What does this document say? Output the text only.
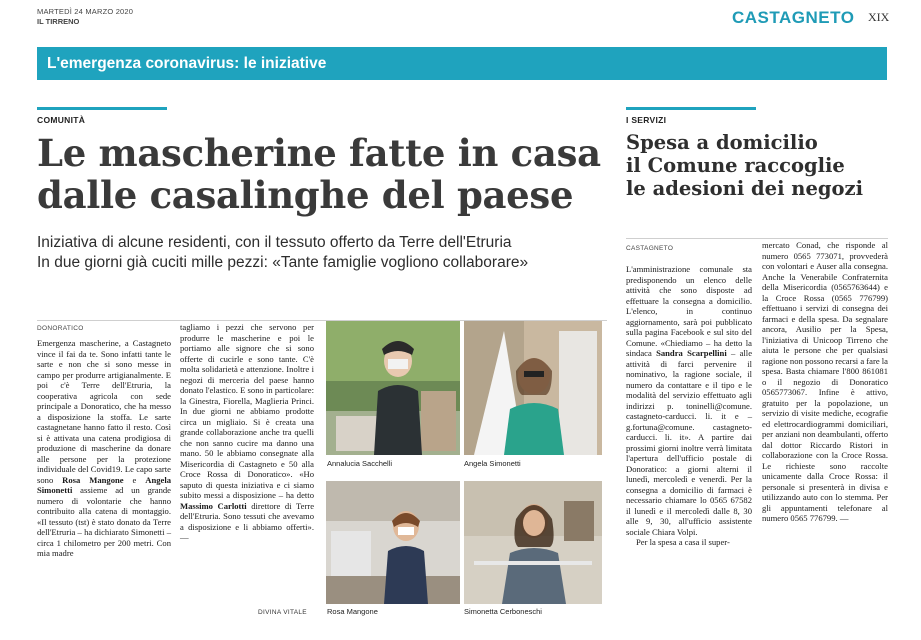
MARTEDÌ 24 MARZO 2020
IL TIRRENO	CASTAGNETO XIX
L'emergenza coronavirus: le iniziative
COMUNITÀ
Le mascherine fatte in casa
dalle casalinghe del paese
Iniziativa di alcune residenti, con il tessuto offerto da Terre dell'Etruria
In due giorni già cuciti mille pezzi: «Tante famiglie vogliono collaborare»
DONORATICO
Emergenza mascherine, a Castagneto vince il fai da te. Sono infatti tante le sarte e non che si sono messe in campo per produrre artigianalmente. E poi c'è Terre dell'Etruria, la cooperativa agricola con sede principale a Donoratico, che ha messo a disposizione la stoffa. Le sarte castagnetane hanno fatto il resto. Così si è attivata una catena prodigiosa di produzione di mascherine da donare alle persone per la protezione individuale del Covid19. Le capo sarte sono Rosa Mangone e Angela Simonetti assieme ad un grande numero di volontarie che hanno contribuito alla catena di montaggio. «Il tessuto (tst) è stato donato da Terre dell'Etruria – ha dichiarato Simonetti – circa 1 chilometro per 200 metri. Con mia madre
tagliamo i pezzi che servono per produrre le mascherine e poi le portiamo alle signore che si sono offerte di cucirle e sono tante. C'è molta solidarietà e attenzione. Inoltre i negozi di merceria del paese hanno donato l'elastico. E sono in particolare: la Ginestra, Fiorella, Maglieria Princi. In due giorni ne abbiamo prodotte circa un migliaio. Si è creata una grande collaborazione anche tra quelli che non sanno cucire ma danno una mano. 50 le abbiamo consegnate alla Misericordia di Castagneto e 50 alla Croce Rossa di Donoratico». «Ho saputo di questa iniziativa e ci siamo subito messi a disposizione – ha detto Massimo Carlotti direttore di Terre dell'Etruria. Sono tessuti che avevamo a disposizione e li abbiamo offerti». —
DIVINA VITALE
Annalucia Sacchelli	Angela Simonetti
Rosa Mangone	Simonetta Cerboneschi
I SERVIZI
Spesa a domicilio
il Comune raccoglie
le adesioni dei negozi
CASTAGNETO
L'amministrazione comunale sta predisponendo un elenco delle attività che sono disposte ad effettuare la consegna a domicilio. L'elenco, in continuo aggiornamento, sarà poi pubblicato sulla pagina Facebook e sul sito del Comune. «Chiediamo – ha detto la sindaca Sandra Scarpellini – alle attività di farci pervenire il nominativo, la ragione sociale, il numero da contattare e il tipo e le modalità del servizio effettuato agli indirizzi p. toninelli@comune. castagneto-carducci. li. it e – g.fortuna@comune. castagneto-carducci. li. it». A partire dai prossimi giorni inoltre verrà limitata l'apertura dell'ufficio postale di Donoratico: a giorni alterni il lunedì, mercoledì e venerdì. Per la consegna a domicilio di farmaci è necessario chiamare lo 0565 67582 il lunedì e il mercoledì dalle 8, 30 alle 9, 30, all'ufficio assistente sociale Chiara Volpi.
Per la spesa a casa il super-
mercato Conad, che risponde al numero 0565 773071, provvederà con volontari e Auser alla consegna. Anche la Venerabile Confraternita della Misericordia (0565763644) e la Croce Rossa (0565 776799) effettuano i servizi di consegna dei farmaci e della spesa. Da segnalare ancora, Ausilio per la Spesa, l'iniziativa di Unicoop Tirreno che aiuta le persone che per qualsiasi ragione non possono recarsi a fare la spesa. Basta chiamare l'800 861081 o il negozio di Donoratico 0565773067. Infine è attivo, gratuito per la popolazione, un servizio di visite mediche, ecografie ed elettrocardiogrammi domiciliari, per anziani non deambulanti, offerto dal dottor Riccardo Ristori in collaborazione con la Croce Rossa. Le richieste sono raccolte unicamente dalla Croce Rossa: il personale si presenterà in divisa e utilizzando auto con lo stemma. Per gli appuntamenti telefonare al numero 0565 776799. —
